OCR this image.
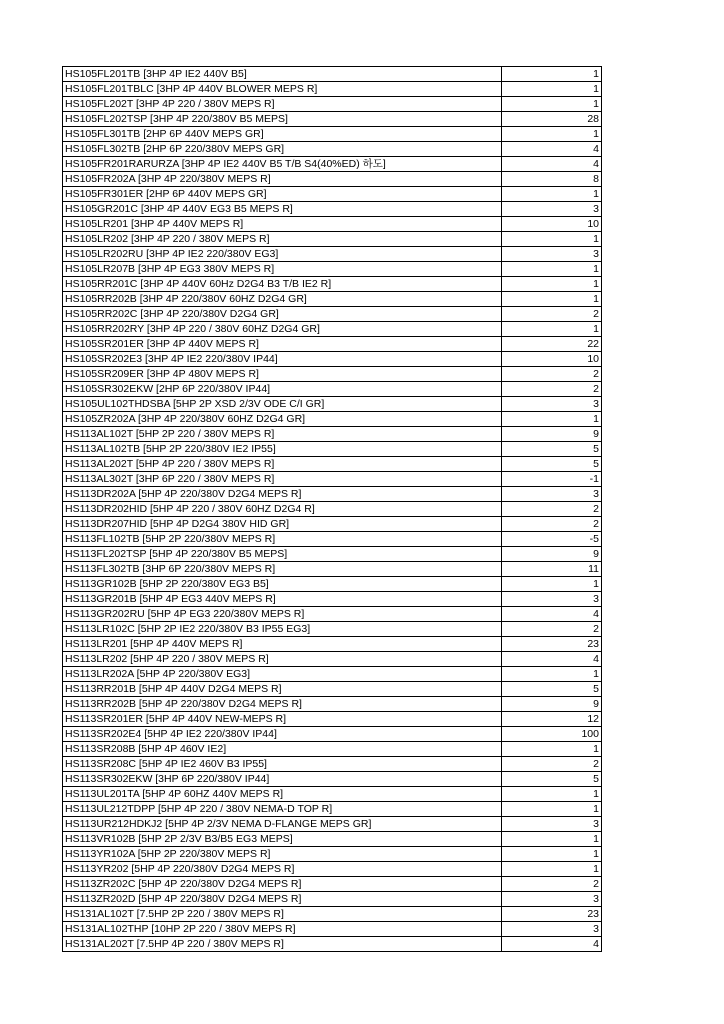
HS105FL201TB [3HP 4P IE2 440V B5]	1
HS105FL201TBLC [3HP 4P 440V BLOWER MEPS R]	1
HS105FL202T [3HP 4P 220 / 380V MEPS R]	1
HS105FL202TSP [3HP 4P 220/380V B5 MEPS]	28
HS105FL301TB [2HP 6P 440V MEPS GR]	1
HS105FL302TB [2HP 6P 220/380V MEPS GR]	4
HS105FR201RARURZA [3HP 4P IE2 440V B5 T/B S4(40%ED) 하도]	4
HS105FR202A [3HP 4P 220/380V MEPS R]	8
HS105FR301ER [2HP 6P 440V MEPS GR]	1
HS105GR201C [3HP 4P 440V EG3 B5 MEPS R]	3
HS105LR201 [3HP 4P 440V MEPS R]	10
HS105LR202 [3HP 4P 220 / 380V MEPS R]	1
HS105LR202RU [3HP 4P IE2 220/380V EG3]	3
HS105LR207B [3HP 4P EG3 380V MEPS R]	1
HS105RR201C [3HP 4P 440V 60Hz D2G4 B3 T/B IE2 R]	1
HS105RR202B [3HP 4P 220/380V 60HZ D2G4 GR]	1
HS105RR202C [3HP 4P 220/380V D2G4 GR]	2
HS105RR202RY [3HP 4P 220 / 380V 60HZ D2G4 GR]	1
HS105SR201ER [3HP 4P 440V MEPS R]	22
HS105SR202E3 [3HP 4P IE2 220/380V IP44]	10
HS105SR209ER [3HP 4P 480V MEPS R]	2
HS105SR302EKW [2HP 6P 220/380V IP44]	2
HS105UL102THDSBA [5HP 2P XSD 2/3V ODE C/I GR]	3
HS105ZR202A [3HP 4P 220/380V 60HZ D2G4 GR]	1
HS113AL102T [5HP 2P 220 / 380V MEPS R]	9
HS113AL102TB [5HP 2P 220/380V IE2 IP55]	5
HS113AL202T [5HP 4P 220 / 380V MEPS R]	5
HS113AL302T [3HP 6P 220 / 380V MEPS R]	-1
HS113DR202A [5HP 4P 220/380V D2G4 MEPS R]	3
HS113DR202HID [5HP 4P 220 / 380V 60HZ D2G4 R]	2
HS113DR207HID [5HP 4P D2G4 380V HID GR]	2
HS113FL102TB [5HP 2P 220/380V MEPS R]	-5
HS113FL202TSP [5HP 4P 220/380V B5 MEPS]	9
HS113FL302TB [3HP 6P 220/380V MEPS R]	11
HS113GR102B [5HP 2P 220/380V EG3 B5]	1
HS113GR201B [5HP 4P EG3 440V MEPS R]	3
HS113GR202RU [5HP 4P EG3 220/380V MEPS R]	4
HS113LR102C [5HP 2P IE2 220/380V B3 IP55 EG3]	2
HS113LR201 [5HP 4P 440V MEPS R]	23
HS113LR202 [5HP 4P 220 / 380V MEPS R]	4
HS113LR202A [5HP 4P 220/380V EG3]	1
HS113RR201B [5HP 4P 440V D2G4 MEPS R]	5
HS113RR202B [5HP 4P 220/380V D2G4 MEPS R]	9
HS113SR201ER [5HP 4P 440V NEW-MEPS R]	12
HS113SR202E4 [5HP 4P IE2 220/380V IP44]	100
HS113SR208B [5HP 4P 460V IE2]	1
HS113SR208C [5HP 4P IE2 460V B3 IP55]	2
HS113SR302EKW [3HP 6P 220/380V IP44]	5
HS113UL201TA [5HP 4P 60HZ 440V MEPS R]	1
HS113UL212TDPP [5HP 4P 220 / 380V NEMA-D TOP R]	1
HS113UR212HDKJ2 [5HP 4P 2/3V NEMA D-FLANGE MEPS GR]	3
HS113VR102B [5HP 2P 2/3V B3/B5 EG3 MEPS]	1
HS113YR102A [5HP 2P 220/380V MEPS R]	1
HS113YR202 [5HP 4P 220/380V D2G4 MEPS R]	1
HS113ZR202C [5HP 4P 220/380V D2G4 MEPS R]	2
HS113ZR202D [5HP 4P 220/380V D2G4 MEPS R]	3
HS131AL102T [7.5HP 2P 220 / 380V MEPS R]	23
HS131AL102THP [10HP 2P 220 / 380V MEPS R]	3
HS131AL202T [7.5HP 4P 220 / 380V MEPS R]	4
